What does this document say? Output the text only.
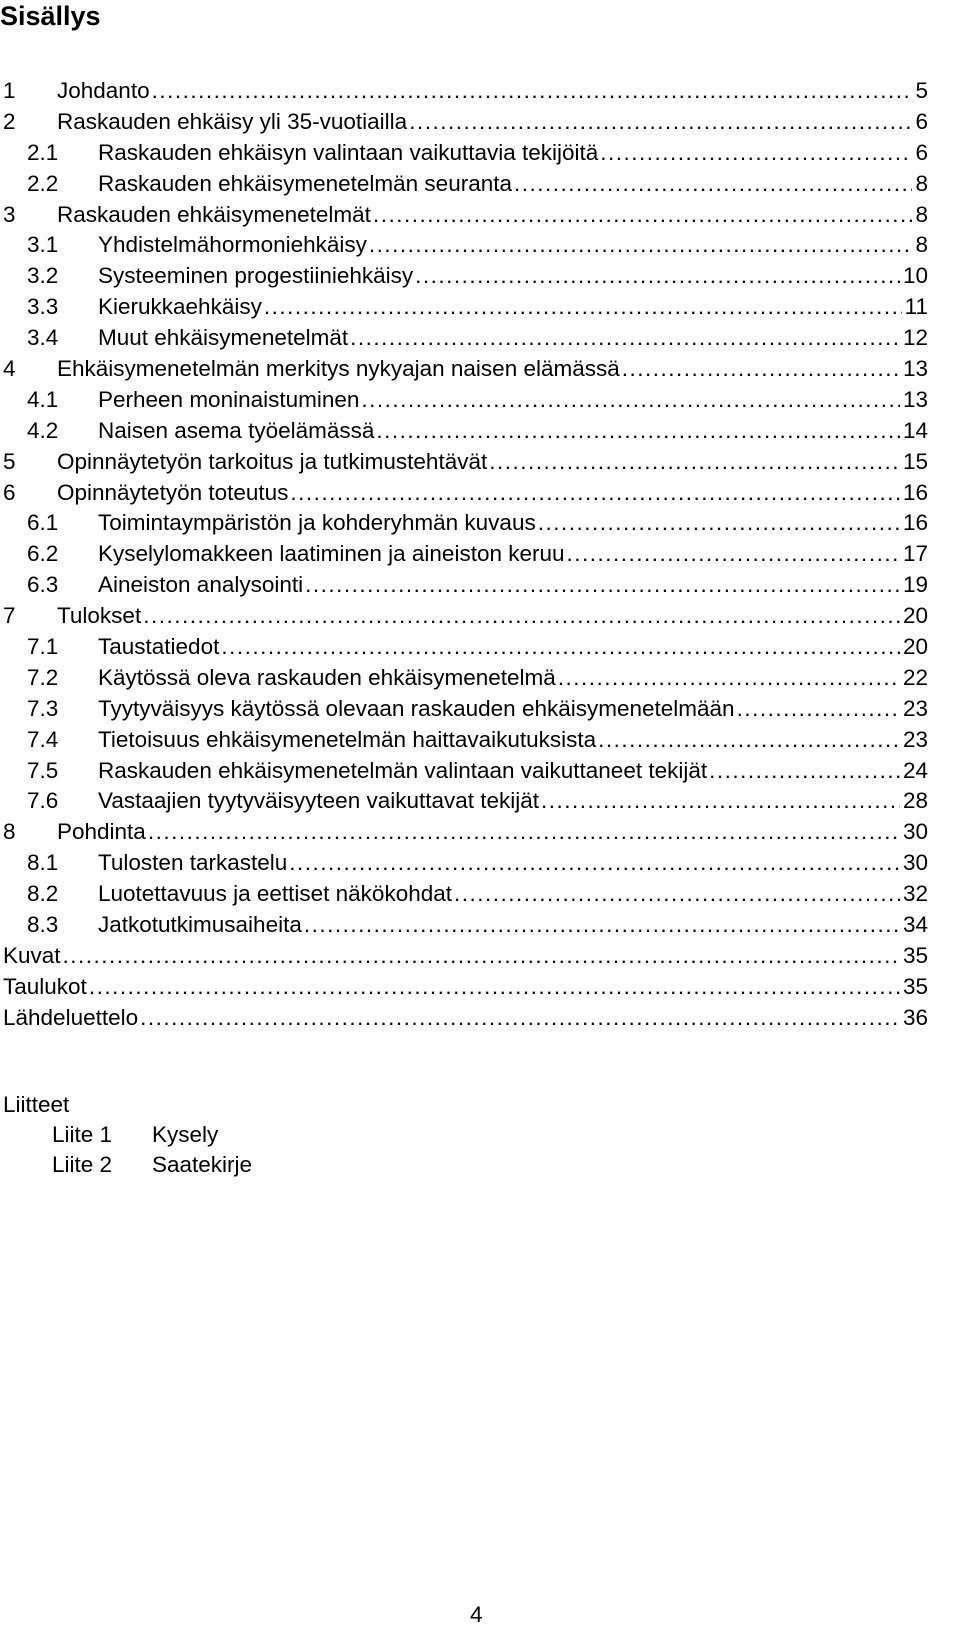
Sisällys
1	Johdanto .....	5
2	Raskauden ehkäisy yli 35-vuotiailla .....	6
2.1	Raskauden ehkäisyn valintaan vaikuttavia tekijöitä .....	6
2.2	Raskauden ehkäisymenetelmän seuranta .....	8
3	Raskauden ehkäisymenetelmät .....	8
3.1	Yhdistelmähormoniehkäisy .....	8
3.2	Systeeminen progestiiniehkäisy .....	10
3.3	Kierukkaehkäisy .....	11
3.4	Muut ehkäisymenetelmät .....	12
4	Ehkäisymenetelmän merkitys nykyajan naisen elämässä .....	13
4.1	Perheen moninaistuminen .....	13
4.2	Naisen asema työelämässä .....	14
5	Opinnäytetyön tarkoitus ja tutkimustehtävät .....	15
6	Opinnäytetyön toteutus .....	16
6.1	Toimintaympäristön ja kohderyhmän kuvaus .....	16
6.2	Kyselylomakkeen laatiminen ja aineiston keruu .....	17
6.3	Aineiston analysointi .....	19
7	Tulokset .....	20
7.1	Taustatiedot .....	20
7.2	Käytössä oleva raskauden ehkäisymenetelmä .....	22
7.3	Tyytyväisyys käytössä olevaan raskauden ehkäisymenetelmään .....	23
7.4	Tietoisuus ehkäisymenetelmän haittavaikutuksista .....	23
7.5	Raskauden ehkäisymenetelmän valintaan vaikuttaneet tekijät .....	24
7.6	Vastaajien tyytyväisyyteen vaikuttavat tekijät .....	28
8	Pohdinta .....	30
8.1	Tulosten tarkastelu .....	30
8.2	Luotettavuus ja eettiset näkökohdat .....	32
8.3	Jatkotutkimusaiheita .....	34
Kuvat .....	35
Taulukot .....	35
Lähdeluettelo .....	36
Liitteet
Liite 1	Kysely
Liite 2	Saatekirje
4
